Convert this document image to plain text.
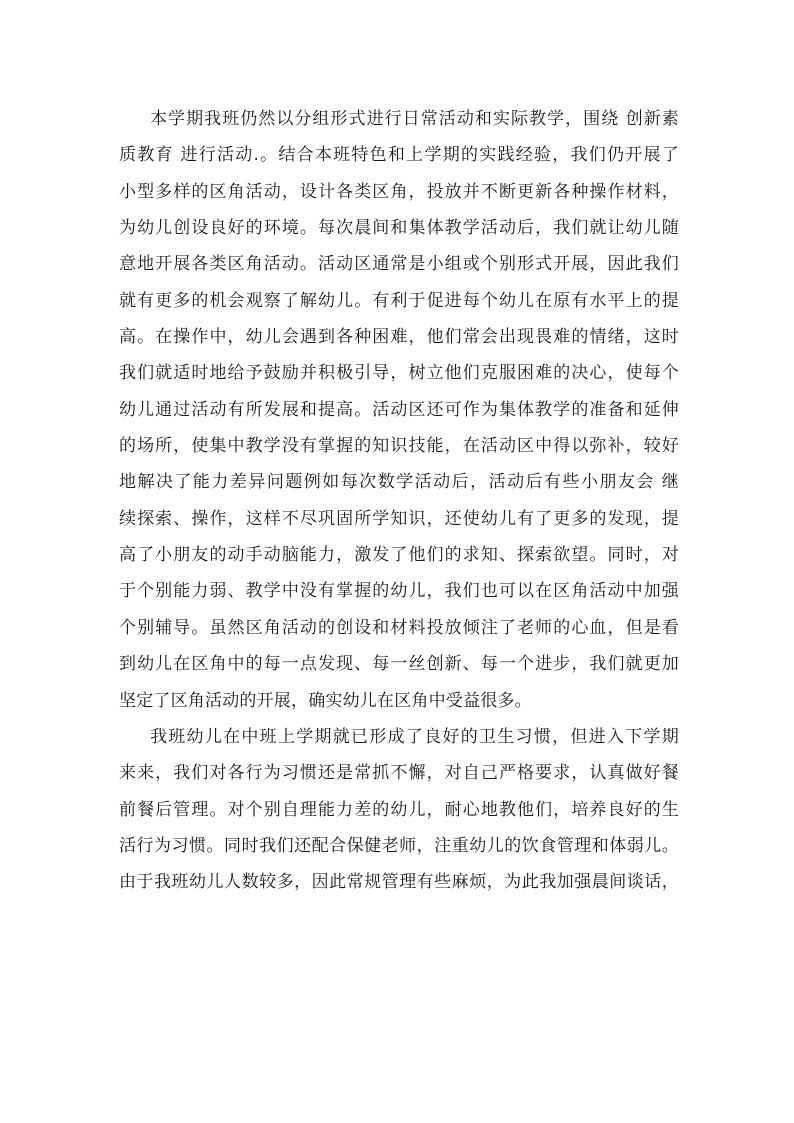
本学期我班仍然以分组形式进行日常活动和实际教学，围绕 创新素
质教育 进行活动.。结合本班特色和上学期的实践经验，我们仍开展了
小型多样的区角活动，设计各类区角，投放并不断更新各种操作材料，
为幼儿创设良好的环境。每次晨间和集体教学活动后，我们就让幼儿随
意地开展各类区角活动。活动区通常是小组或个别形式开展，因此我们
就有更多的机会观察了解幼儿。有利于促进每个幼儿在原有水平上的提
高。在操作中，幼儿会遇到各种困难，他们常会出现畏难的情绪，这时
我们就适时地给予鼓励并积极引导，树立他们克服困难的决心，使每个
幼儿通过活动有所发展和提高。活动区还可作为集体教学的准备和延伸
的场所，使集中教学没有掌握的知识技能，在活动区中得以弥补，较好
地解决了能力差异问题例如每次数学活动后，活动后有些小朋友会 继
续探索、操作，这样不尽巩固所学知识，还使幼儿有了更多的发现，提
高了小朋友的动手动脑能力，激发了他们的求知、探索欲望。同时，对
于个别能力弱、教学中没有掌握的幼儿，我们也可以在区角活动中加强
个别辅导。虽然区角活动的创设和材料投放倾注了老师的心血，但是看
到幼儿在区角中的每一点发现、每一丝创新、每一个进步，我们就更加
坚定了区角活动的开展，确实幼儿在区角中受益很多。
我班幼儿在中班上学期就已形成了良好的卫生习惯，但进入下学期
来来，我们对各行为习惯还是常抓不懈，对自己严格要求，认真做好餐
前餐后管理。对个别自理能力差的幼儿，耐心地教他们，培养良好的生
活行为习惯。同时我们还配合保健老师，注重幼儿的饮食管理和体弱儿。
由于我班幼儿人数较多，因此常规管理有些麻烦，为此我加强晨间谈话，
